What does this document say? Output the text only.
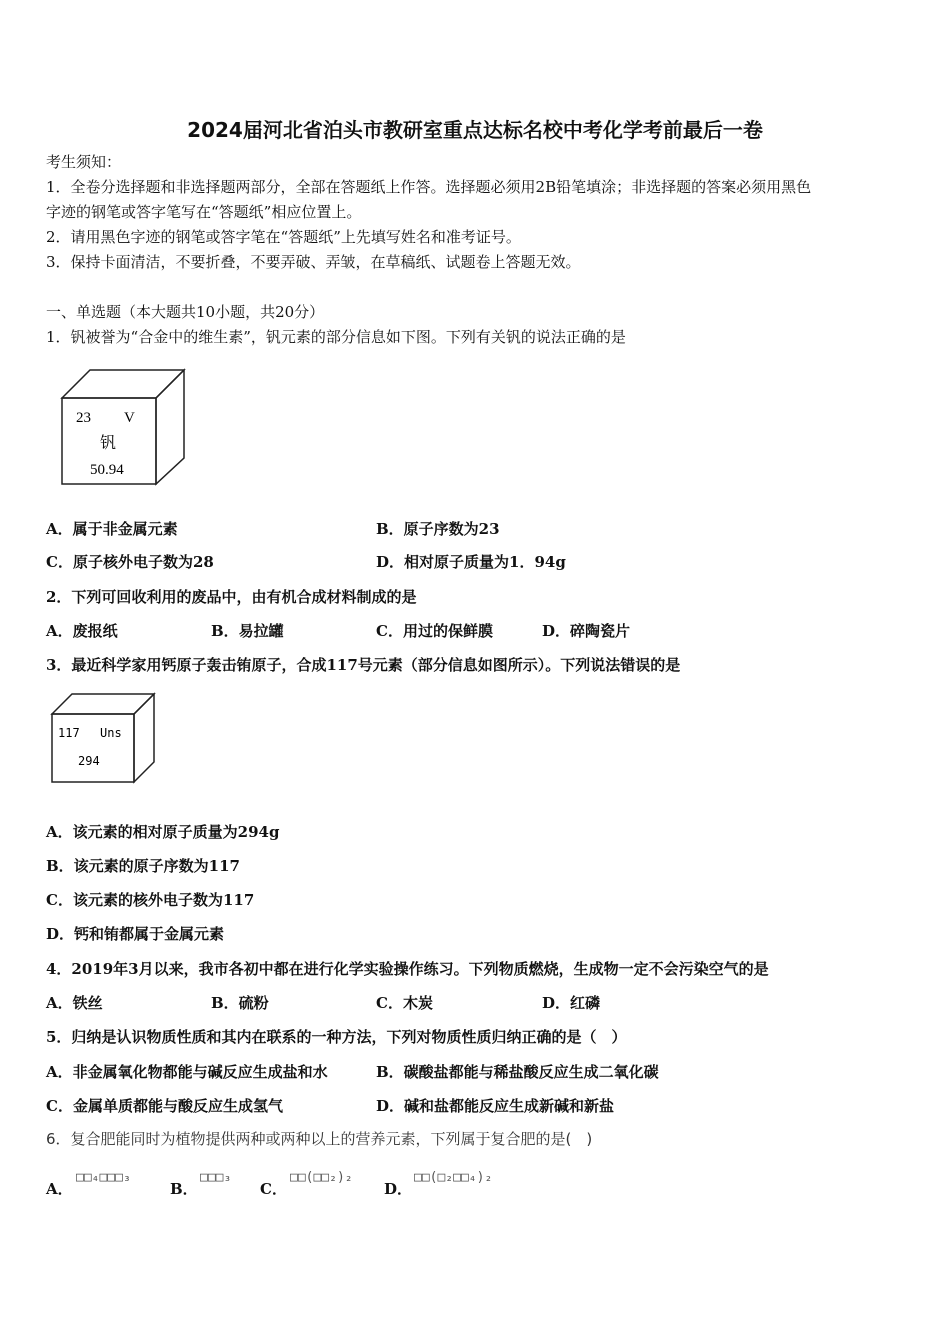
2024届河北省泊头市教研室重点达标名校中考化学考前最后一卷
考生须知：
1．全卷分选择题和非选择题两部分，全部在答题纸上作答。选择题必须用2B铅笔填涂；非选择题的答案必须用黑色
字迹的钢笔或答字笔写在“答题纸”相应位置上。
2．请用黑色字迹的钢笔或答字笔在“答题纸”上先填写姓名和准考证号。
3．保持卡面清洁，不要折叠，不要弄破、弄皱，在草稿纸、试题卷上答题无效。
一、单选题（本大题共10小题，共20分）
1．钒被誉为“合金中的维生素”，钒元素的部分信息如下图。下列有关钒的说法正确的是
23 V
钒
50.94
A．属于非金属元素	B．原子序数为23
C．原子核外电子数为28	D．相对原子质量为1．94g
2．下列可回收利用的废品中，由有机合成材料制成的是
A．废报纸	B．易拉罐	C．用过的保鲜膜	D．碎陶瓷片
3．最近科学家用钙原子轰击铕原子，合成117号元素（部分信息如图所示）。下列说法错误的是
117 Uns
294
A．该元素的相对原子质量为294g
B．该元素的原子序数为117
C．该元素的核外电子数为117
D．钙和铕都属于金属元素
4．2019年3月以来，我市各初中都在进行化学实验操作练习。下列物质燃烧，生成物一定不会污染空气的是
A．铁丝	B．硫粉	C．木炭	D．红磷
5．归纳是认识物质性质和其内在联系的一种方法，下列对物质性质归纳正确的是（　）
A．非金属氧化物都能与碱反应生成盐和水	B．碳酸盐都能与稀盐酸反应生成二氧化碳
C．金属单质都能与酸反应生成氢气	D．碱和盐都能反应生成新碱和新盐
6．复合肥能同时为植物提供两种或两种以上的营养元素，下列属于复合肥的是(　)
A．
□□₄□□□₃
B．
□□□₃
C．
□□(□□₂)₂
D．
□□(□₂□□₄)₂
